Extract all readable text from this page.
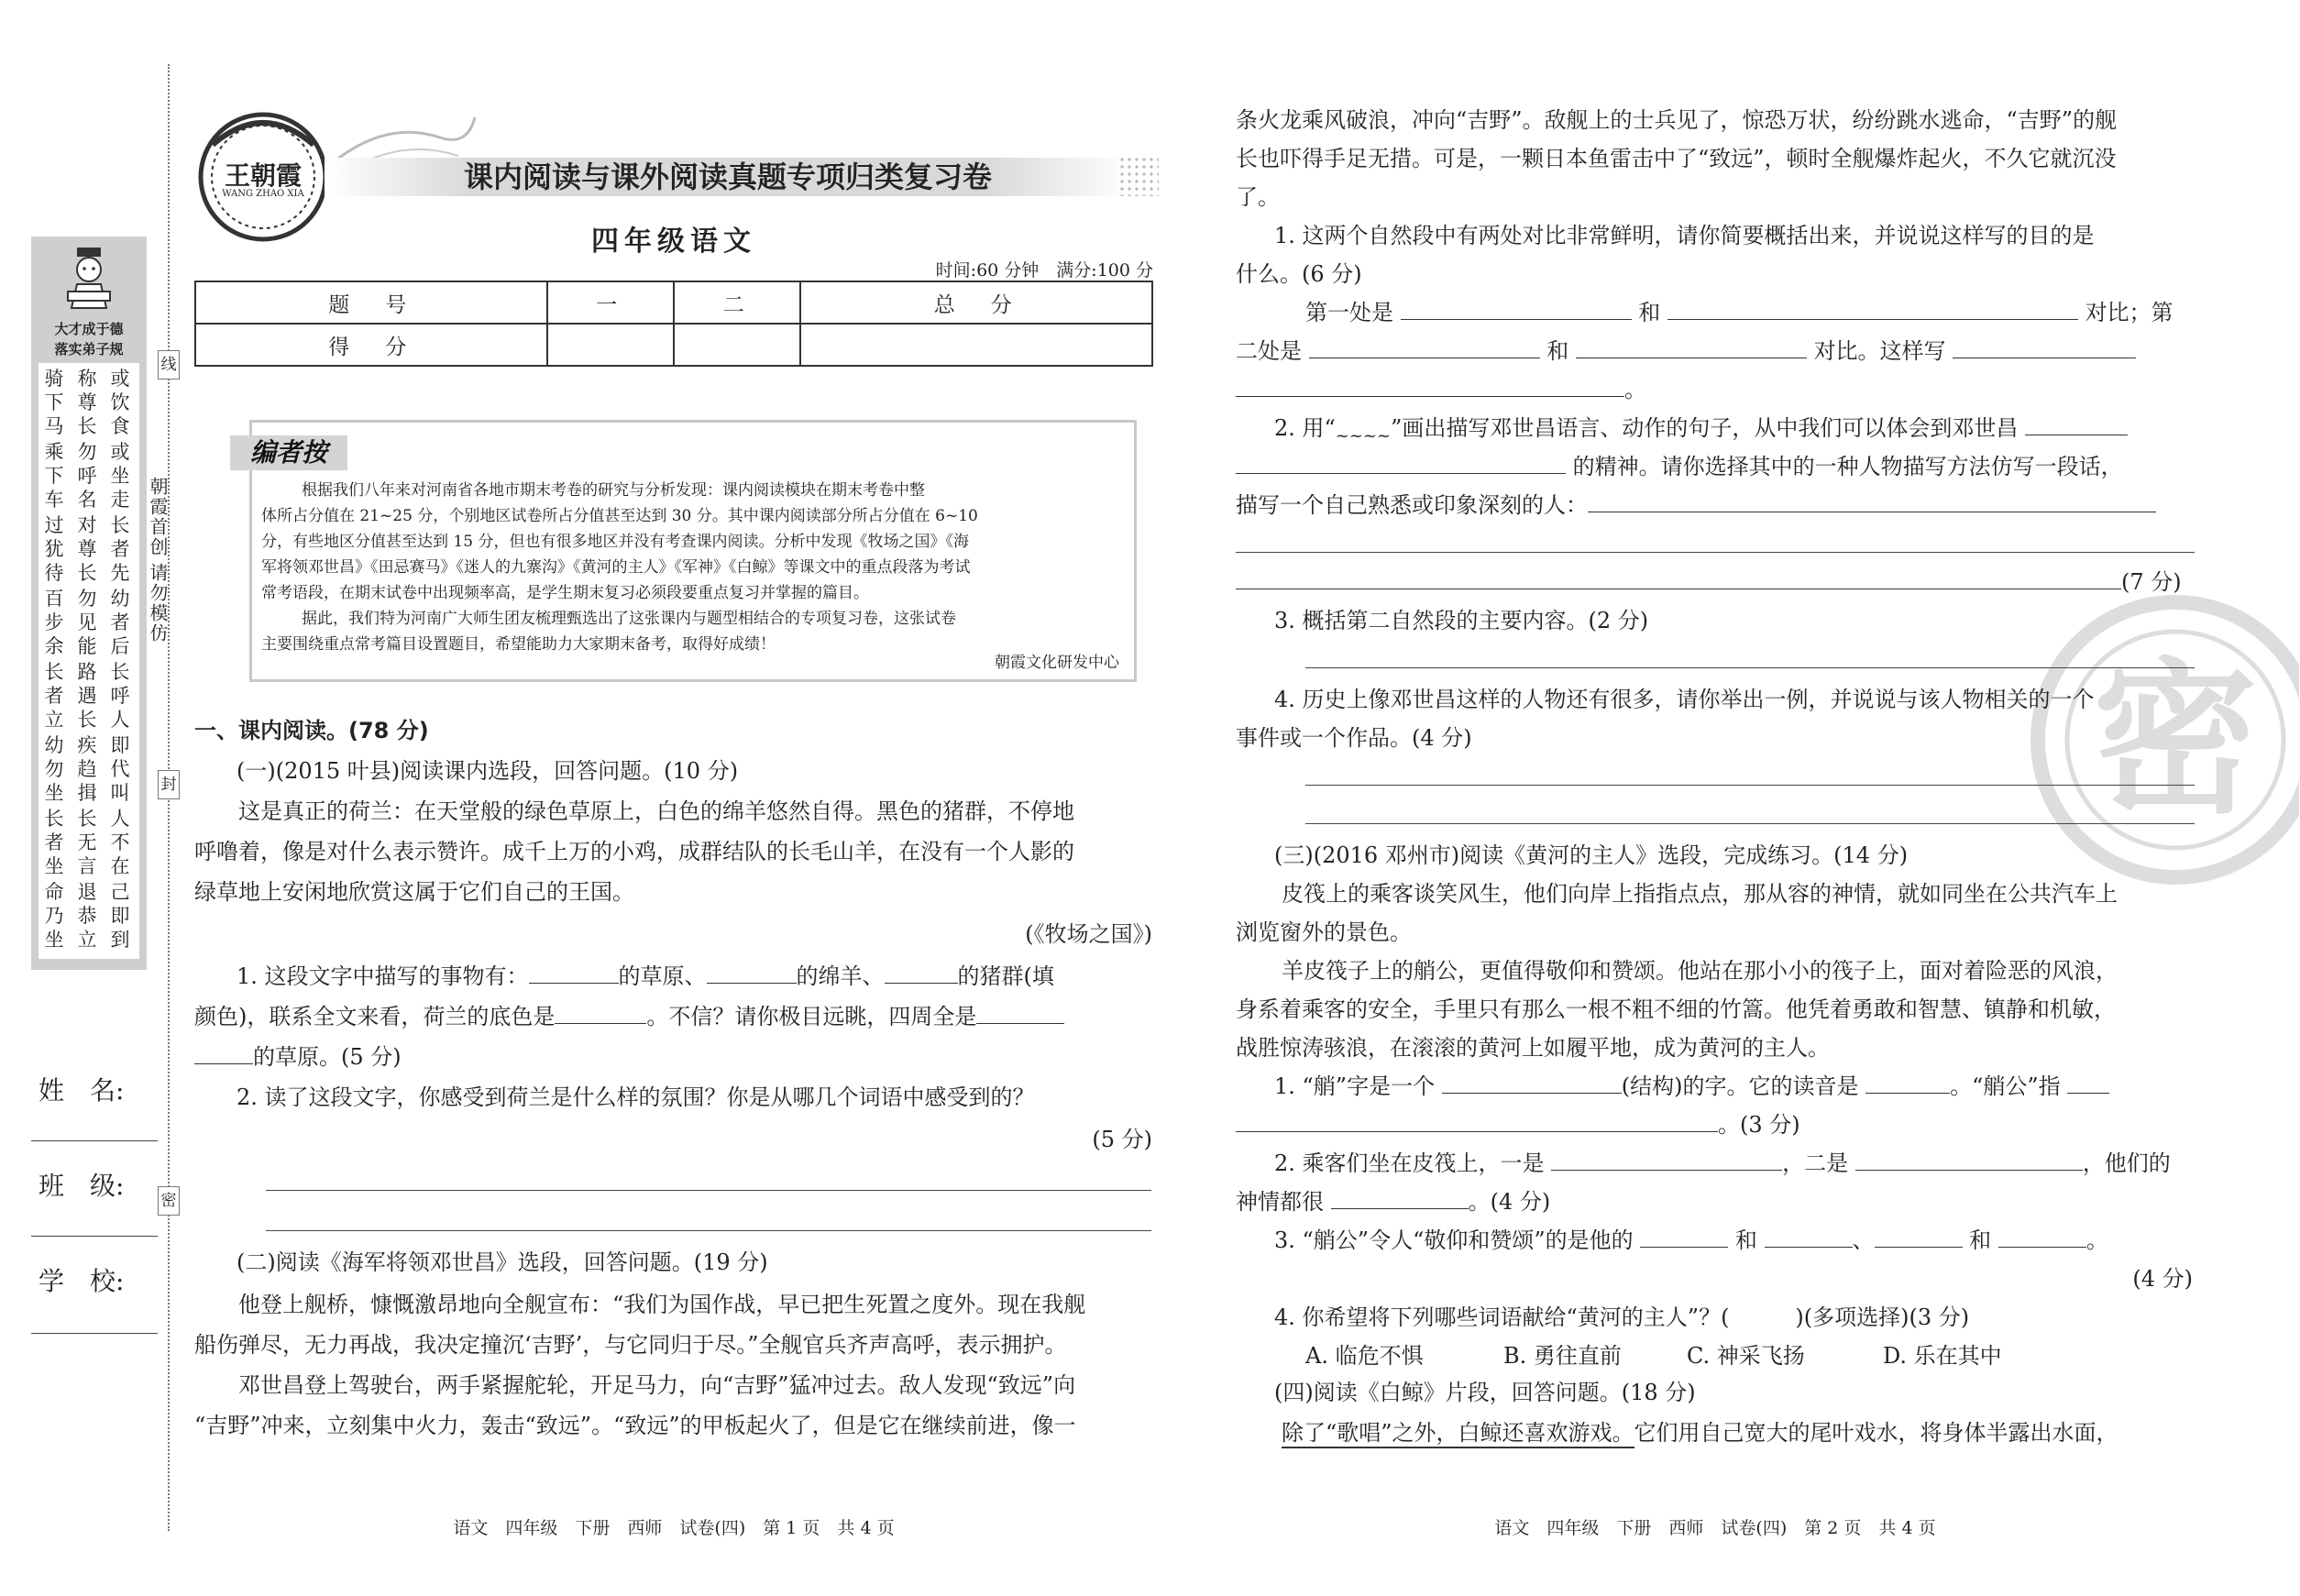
大才成于德
落实弟子规
骑下马
称尊长
或饮食
乘下车
勿呼名
或坐走
过犹待
对尊长
长者先
百步余
勿见能
幼者后
长者立
路遇长
长呼人
幼勿坐
疾趋揖
即代叫
长者坐
长无言
人不在
命乃坐
退恭立
己即到
姓　名:
班　级:
学　校:
线
封
密
朝霞首创
请勿模仿
王朝霞
WANG ZHAO XIA	课内阅读与课外阅读真题专项归类复习卷
四年级语文
时间:60 分钟　满分:100 分
题　号	一	二	总　分
得　分			
编者按
根据我们八年来对河南省各地市期末考卷的研究与分析发现：课内阅读模块在期末考卷中整
体所占分值在 21~25 分，个别地区试卷所占分值甚至达到 30 分。其中课内阅读部分所占分值在 6~10
分，有些地区分值甚至达到 15 分，但也有很多地区并没有考查课内阅读。分析中发现《牧场之国》《海
军将领邓世昌》《田忌赛马》《迷人的九寨沟》《黄河的主人》《军神》《白鲸》等课文中的重点段落为考试
常考语段，在期末试卷中出现频率高，是学生期末复习必须段要重点复习并掌握的篇目。
据此，我们特为河南广大师生团友梳理甄选出了这张课内与题型相结合的专项复习卷，这张试卷
主要围绕重点常考篇目设置题目，希望能助力大家期末备考，取得好成绩！
朝霞文化研发中心
一、课内阅读。(78 分)
(一)(2015 叶县)阅读课内选段，回答问题。(10 分)
这是真正的荷兰：在天堂般的绿色草原上，白色的绵羊悠然自得。黑色的猪群，不停地
呼噜着，像是对什么表示赞许。成千上万的小鸡，成群结队的长毛山羊，在没有一个人影的
绿草地上安闲地欣赏这属于它们自己的王国。
(《牧场之国》)
1. 这段文字中描写的事物有：	的草原、	的绵羊、	的猪群(填
颜色)，联系全文来看，荷兰的底色是	。不信？请你极目远眺，四周全是
的草原。(5 分)
2. 读了这段文字，你感受到荷兰是什么样的氛围？你是从哪几个词语中感受到的？
(5 分)
(二)阅读《海军将领邓世昌》选段，回答问题。(19 分)
他登上舰桥，慷慨激昂地向全舰宣布：“我们为国作战，早已把生死置之度外。现在我舰
船伤弹尽，无力再战，我决定撞沉‘吉野’，与它同归于尽。”全舰官兵齐声高呼，表示拥护。
邓世昌登上驾驶台，两手紧握舵轮，开足马力，向“吉野”猛冲过去。敌人发现“致远”向
“吉野”冲来，立刻集中火力，轰击“致远”。“致远”的甲板起火了，但是它在继续前进，像一
语文　四年级　下册　西师　试卷(四)　第 1 页　共 4 页
密
条火龙乘风破浪，冲向“吉野”。敌舰上的士兵见了，惊恐万状，纷纷跳水逃命，“吉野”的舰
长也吓得手足无措。可是，一颗日本鱼雷击中了“致远”，顿时全舰爆炸起火，不久它就沉没
了。
1. 这两个自然段中有两处对比非常鲜明，请你简要概括出来，并说说这样写的目的是
什么。(6 分)
第一处是	和	对比；第
二处是	和	对比。这样写
。
2. 用“$_{\sim\sim\sim\sim}$”画出描写邓世昌语言、动作的句子，从中我们可以体会到邓世昌
的精神。请你选择其中的一种人物描写方法仿写一段话，
描写一个自己熟悉或印象深刻的人：
(7 分)
3. 概括第二自然段的主要内容。(2 分)
4. 历史上像邓世昌这样的人物还有很多，请你举出一例，并说说与该人物相关的一个
事件或一个作品。(4 分)
(三)(2016 邓州市)阅读《黄河的主人》选段，完成练习。(14 分)
皮筏上的乘客谈笑风生，他们向岸上指指点点，那从容的神情，就如同坐在公共汽车上
浏览窗外的景色。
羊皮筏子上的艄公，更值得敬仰和赞颂。他站在那小小的筏子上，面对着险恶的风浪，
身系着乘客的安全，手里只有那么一根不粗不细的竹篙。他凭着勇敢和智慧、镇静和机敏，
战胜惊涛骇浪，在滚滚的黄河上如履平地，成为黄河的主人。
1. “艄”字是一个	(结构)的字。它的读音是	。“艄公”指
。(3 分)
2. 乘客们坐在皮筏上，一是	，二是	，他们的
神情都很	。(4 分)
3. “艄公”令人“敬仰和赞颂”的是他的	和	、	和	。
(4 分)
4. 你希望将下列哪些词语献给“黄河的主人”？(　　　)(多项选择)(3 分)
A. 临危不惧	B. 勇往直前	C. 神采飞扬	D. 乐在其中
(四)阅读《白鲸》片段，回答问题。(18 分)
除了“歌唱”之外，白鲸还喜欢游戏。它们用自己宽大的尾叶戏水，将身体半露出水面，
语文　四年级　下册　西师　试卷(四)　第 2 页　共 4 页
